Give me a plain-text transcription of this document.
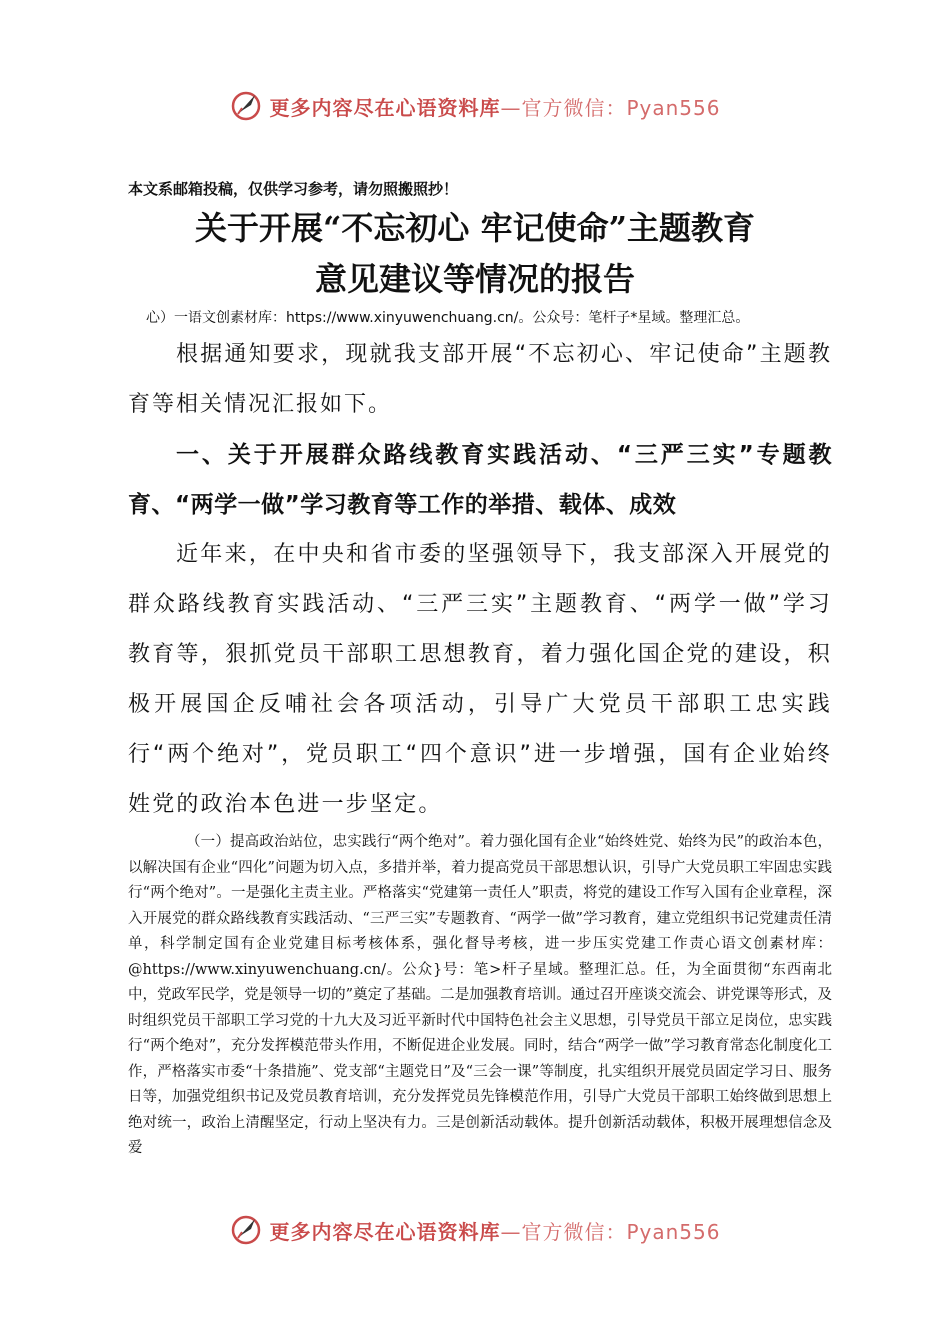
更多内容尽在心语资料库—官方微信：Pyan556
本文系邮箱投稿，仅供学习参考，请勿照搬照抄！
关于开展“不忘初心 牢记使命”主题教育
意见建议等情况的报告
心）一语文创素材库：https://www.xinyuwenchuang.cn/。公众号：笔杆子*星域。整理汇总。
根据通知要求，现就我支部开展“不忘初心、牢记使命”主题教育等相关情况汇报如下。
一、关于开展群众路线教育实践活动、“三严三实”专题教育、“两学一做”学习教育等工作的举措、载体、成效
近年来，在中央和省市委的坚强领导下，我支部深入开展党的群众路线教育实践活动、“三严三实”主题教育、“两学一做”学习教育等，狠抓党员干部职工思想教育，着力强化国企党的建设，积极开展国企反哺社会各项活动，引导广大党员干部职工忠实践行“两个绝对”，党员职工“四个意识”进一步增强，国有企业始终姓党的政治本色进一步坚定。
（一）提高政治站位，忠实践行“两个绝对”。着力强化国有企业“始终姓党、始终为民”的政治本色，以解决国有企业“四化”问题为切入点，多措并举，着力提高党员干部思想认识，引导广大党员职工牢固忠实践行“两个绝对”。一是强化主责主业。严格落实“党建第一责任人”职责，将党的建设工作写入国有企业章程，深入开展党的群众路线教育实践活动、“三严三实”专题教育、“两学一做”学习教育，建立党组织书记党建责任清单，科学制定国有企业党建目标考核体系，强化督导考核，进一步压实党建工作责心语文创素材库：@https://www.xinyuwenchuang.cn/。公众}号：笔>杆子星域。整理汇总。任，为全面贯彻“东西南北中，党政军民学，党是领导一切的”奠定了基础。二是加强教育培训。通过召开座谈交流会、讲党课等形式，及时组织党员干部职工学习党的十九大及习近平新时代中国特色社会主义思想，引导党员干部立足岗位，忠实践行“两个绝对”，充分发挥模范带头作用，不断促进企业发展。同时，结合“两学一做”学习教育常态化制度化工作，严格落实市委“十条措施”、党支部“主题党日”及“三会一课”等制度，扎实组织开展党员固定学习日、服务日等，加强党组织书记及党员教育培训，充分发挥党员先锋模范作用，引导广大党员干部职工始终做到思想上绝对统一，政治上清醒坚定，行动上坚决有力。三是创新活动载体。提升创新活动载体，积极开展理想信念及爱
更多内容尽在心语资料库—官方微信：Pyan556
